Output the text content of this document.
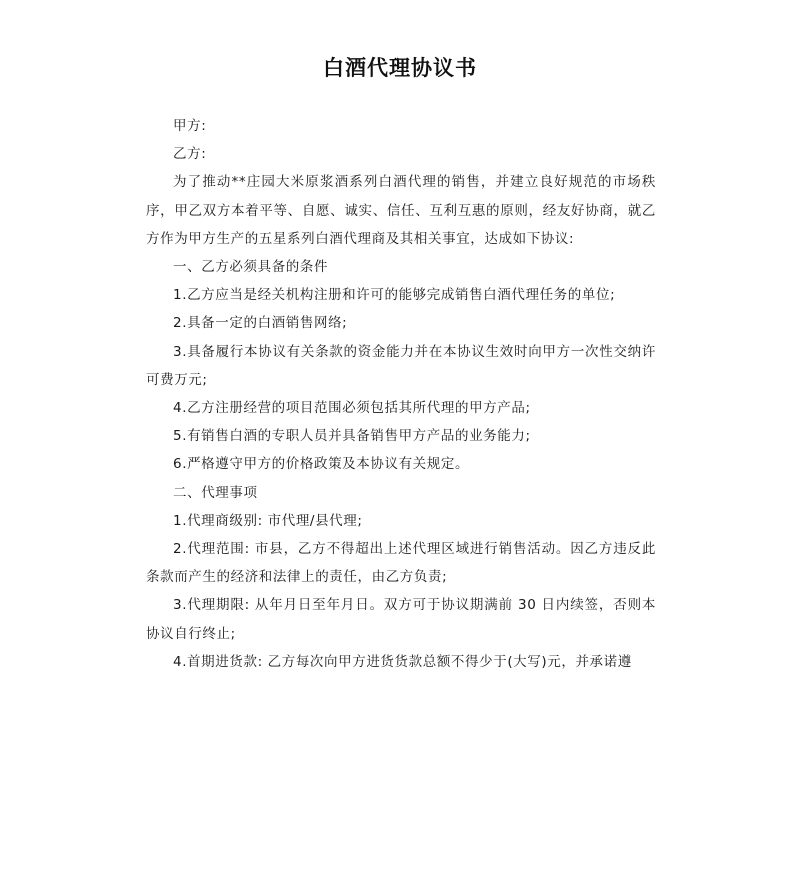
白酒代理协议书

甲方:

乙方:

为了推动**庄园大米原浆酒系列白酒代理的销售，并建立良好规范的市场秩序，甲乙双方本着平等、自愿、诚实、信任、互利互惠的原则，经友好协商，就乙方作为甲方生产的五星系列白酒代理商及其相关事宜，达成如下协议:

一、乙方必须具备的条件

1.乙方应当是经关机构注册和许可的能够完成销售白酒代理任务的单位;

2.具备一定的白酒销售网络;

3.具备履行本协议有关条款的资金能力并在本协议生效时向甲方一次性交纳许可费万元;

4.乙方注册经营的项目范围必须包括其所代理的甲方产品;

5.有销售白酒的专职人员并具备销售甲方产品的业务能力;

6.严格遵守甲方的价格政策及本协议有关规定。

二、代理事项

1.代理商级别: 市代理/县代理;

2.代理范围: 市县，乙方不得超出上述代理区域进行销售活动。因乙方违反此条款而产生的经济和法律上的责任，由乙方负责;

3.代理期限: 从年月日至年月日。双方可于协议期满前 30 日内续签，否则本协议自行终止;

4.首期进货款: 乙方每次向甲方进货货款总额不得少于(大写)元，并承诺遵
